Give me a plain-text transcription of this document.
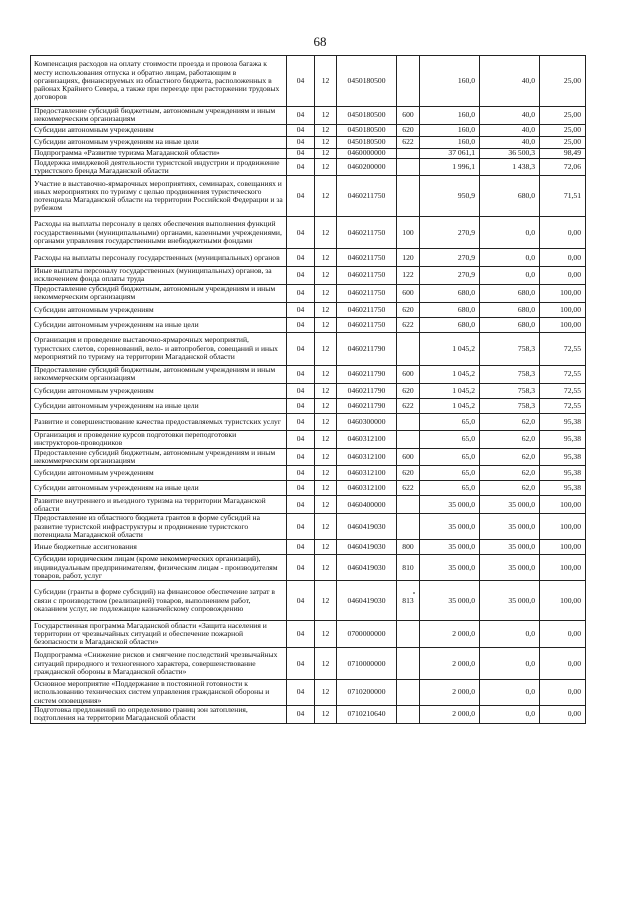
68
Компенсация расходов на оплату стоимости проезда и провоза багажа к месту использования отпуска и обратно лицам, работающим в организациях, финансируемых из областного бюджета, расположенных в районах Крайнего Севера, а также при переезде при расторжении трудовых договоров	04	12	0450180500		160,0	40,0	25,00
Предоставление субсидий бюджетным, автономным учреждениям и иным некоммерческим организациям	04	12	0450180500	600	160,0	40,0	25,00
Субсидии автономным учреждениям	04	12	0450180500	620	160,0	40,0	25,00
Субсидии автономным учреждениям на иные цели	04	12	0450180500	622	160,0	40,0	25,00
Подпрограмма «Развитие туризма Магаданской области»	04	12	0460000000		37 061,1	36 500,3	98,49
Поддержка имиджевой деятельности туристской индустрии и продвижение туристского бренда Магаданской области	04	12	0460200000		1 996,1	1 438,3	72,06
Участие в выставочно-ярмарочных мероприятиях, семинарах, совещаниях и иных мероприятиях по туризму с целью продвижения туристического потенциала Магаданской области на территории Российской Федерации и за рубежом	04	12	0460211750		950,9	680,0	71,51
Расходы на выплаты персоналу в целях обеспечения выполнения функций государственными (муниципальными) органами, казенными учреждениями, органами управления государственными внебюджетными фондами	04	12	0460211750	100	270,9	0,0	0,00
Расходы на выплаты персоналу государственных (муниципальных) органов	04	12	0460211750	120	270,9	0,0	0,00
Иные выплаты персоналу государственных (муниципальных) органов, за исключением фонда оплаты труда	04	12	0460211750	122	270,9	0,0	0,00
Предоставление субсидий бюджетным, автономным учреждениям и иным некоммерческим организациям	04	12	0460211750	600	680,0	680,0	100,00
Субсидии автономным учреждениям	04	12	0460211750	620	680,0	680,0	100,00
Субсидии автономным учреждениям на иные цели	04	12	0460211750	622	680,0	680,0	100,00
Организация и проведение выставочно-ярмарочных мероприятий, туристских слетов, соревнований, вело- и автопробегов, совещаний и иных мероприятий по туризму на территории Магаданской области	04	12	0460211790		1 045,2	758,3	72,55
Предоставление субсидий бюджетным, автономным учреждениям и иным некоммерческим организациям	04	12	0460211790	600	1 045,2	758,3	72,55
Субсидии автономным учреждениям	04	12	0460211790	620	1 045,2	758,3	72,55
Субсидии автономным учреждениям на иные цели	04	12	0460211790	622	1 045,2	758,3	72,55
Развитие и совершенствование качества предоставляемых туристских услуг	04	12	0460300000		65,0	62,0	95,38
Организация и проведение курсов подготовки переподготовки инструкторов-проводников	04	12	0460312100		65,0	62,0	95,38
Предоставление субсидий бюджетным, автономным учреждениям и иным некоммерческим организациям	04	12	0460312100	600	65,0	62,0	95,38
Субсидии автономным учреждениям	04	12	0460312100	620	65,0	62,0	95,38
Субсидии автономным учреждениям на иные цели	04	12	0460312100	622	65,0	62,0	95,38
Развитие внутреннего и въездного туризма на территории Магаданской области	04	12	0460400000		35 000,0	35 000,0	100,00
Предоставление из областного бюджета грантов в форме субсидий на развитие туристской инфраструктуры и продвижение туристского потенциала Магаданской области	04	12	0460419030		35 000,0	35 000,0	100,00
Иные бюджетные ассигнования	04	12	0460419030	800	35 000,0	35 000,0	100,00
Субсидии юридическим лицам (кроме некоммерческих организаций), индивидуальным предпринимателям, физическим лицам - производителям товаров, работ, услуг	04	12	0460419030	810	35 000,0	35 000,0	100,00
Субсидии (гранты в форме субсидий) на финансовое обеспечение затрат в связи с производством (реализацией) товаров, выполнением работ, оказанием услуг, не подлежащие казначейскому сопровождению	04	12	0460419030	813	35 000,0	35 000,0	100,00
Государственная программа Магаданской области «Защита населения и территории от чрезвычайных ситуаций и обеспечение пожарной безопасности в Магаданской области»	04	12	0700000000		2 000,0	0,0	0,00
Подпрограмма «Снижение рисков и смягчение последствий чрезвычайных ситуаций природного и техногенного характера, совершенствование гражданской обороны в Магаданской области»	04	12	0710000000		2 000,0	0,0	0,00
Основное мероприятие «Поддержание в постоянной готовности к использованию технических систем управления гражданской обороны и систем оповещения»	04	12	0710200000		2 000,0	0,0	0,00
Подготовка предложений по определению границ зон затопления, подтопления на территории Магаданской области	04	12	0710210640		2 000,0	0,0	0,00
